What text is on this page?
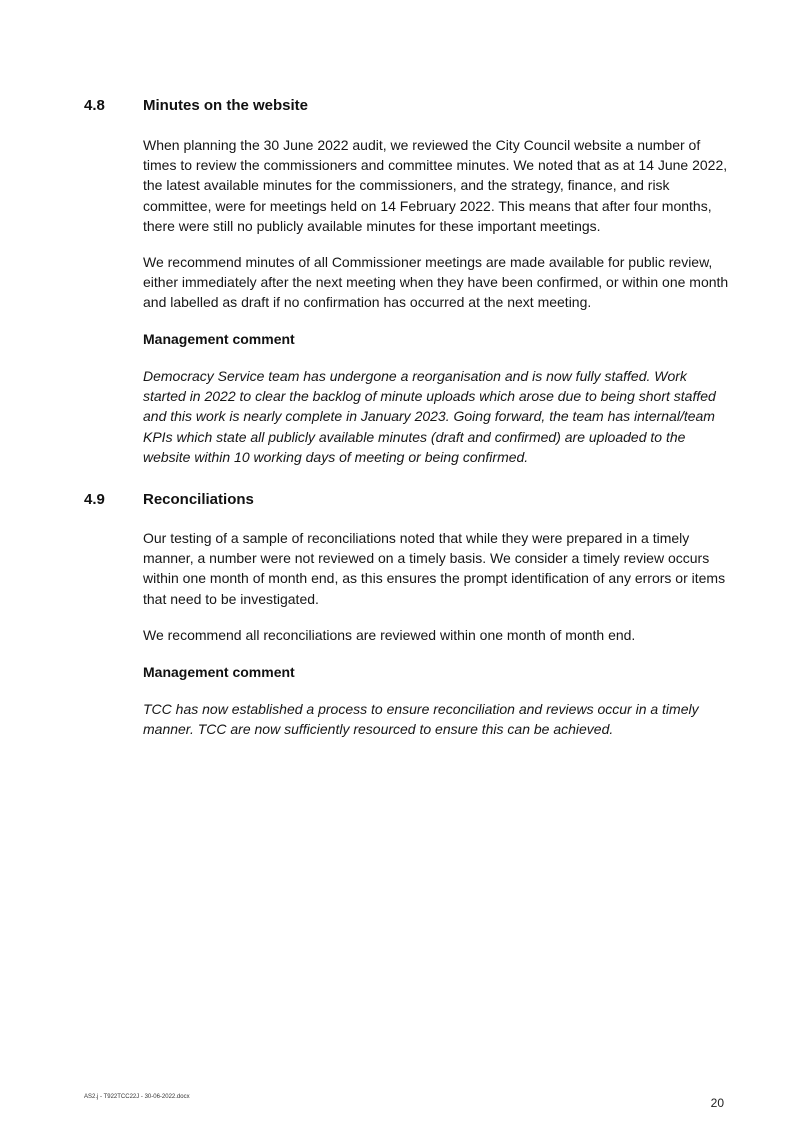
4.8	Minutes on the website

When planning the 30 June 2022 audit, we reviewed the City Council website a number of times to review the commissioners and committee minutes. We noted that as at 14 June 2022, the latest available minutes for the commissioners, and the strategy, finance, and risk committee, were for meetings held on 14 February 2022. This means that after four months, there were still no publicly available minutes for these important meetings.

We recommend minutes of all Commissioner meetings are made available for public review, either immediately after the next meeting when they have been confirmed, or within one month and labelled as draft if no confirmation has occurred at the next meeting.

Management comment

Democracy Service team has undergone a reorganisation and is now fully staffed. Work started in 2022 to clear the backlog of minute uploads which arose due to being short staffed and this work is nearly complete in January 2023. Going forward, the team has internal/team KPIs which state all publicly available minutes (draft and confirmed) are uploaded to the website within 10 working days of meeting or being confirmed.

4.9	Reconciliations

Our testing of a sample of reconciliations noted that while they were prepared in a timely manner, a number were not reviewed on a timely basis. We consider a timely review occurs within one month of month end, as this ensures the prompt identification of any errors or items that need to be investigated.

We recommend all reconciliations are reviewed within one month of month end.

Management comment

TCC has now established a process to ensure reconciliation and reviews occur in a timely manner. TCC are now sufficiently resourced to ensure this can be achieved.

AS2.j - T922TCC22J - 30-06-2022.docx	20
